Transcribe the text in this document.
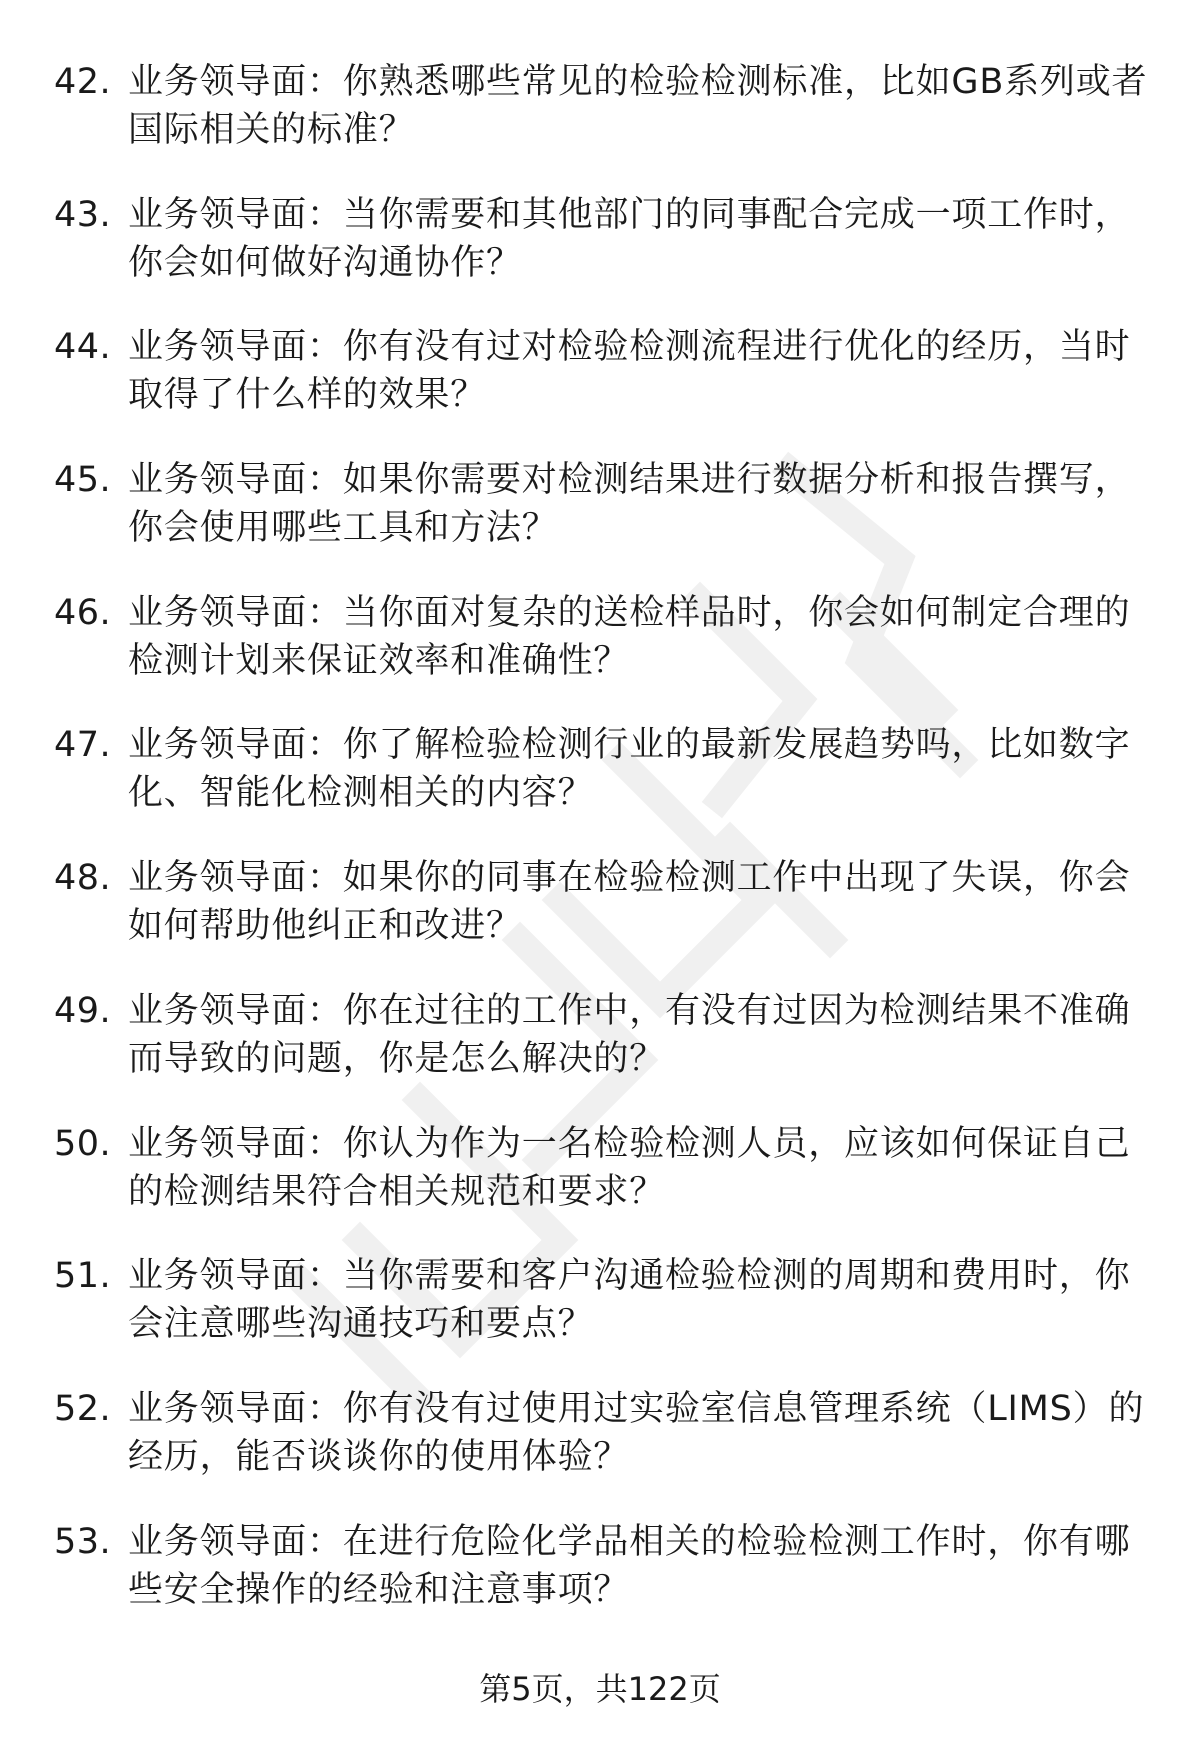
42. 业务领导面：你熟悉哪些常见的检验检测标准，比如GB系列或者国际相关的标准？
43. 业务领导面：当你需要和其他部门的同事配合完成一项工作时，你会如何做好沟通协作？
44. 业务领导面：你有没有过对检验检测流程进行优化的经历，当时取得了什么样的效果？
45. 业务领导面：如果你需要对检测结果进行数据分析和报告撰写，你会使用哪些工具和方法？
46. 业务领导面：当你面对复杂的送检样品时，你会如何制定合理的检测计划来保证效率和准确性？
47. 业务领导面：你了解检验检测行业的最新发展趋势吗，比如数字化、智能化检测相关的内容？
48. 业务领导面：如果你的同事在检验检测工作中出现了失误，你会如何帮助他纠正和改进？
49. 业务领导面：你在过往的工作中，有没有过因为检测结果不准确而导致的问题，你是怎么解决的？
50. 业务领导面：你认为作为一名检验检测人员，应该如何保证自己的检测结果符合相关规范和要求？
51. 业务领导面：当你需要和客户沟通检验检测的周期和费用时，你会注意哪些沟通技巧和要点？
52. 业务领导面：你有没有过使用过实验室信息管理系统（LIMS）的经历，能否谈谈你的使用体验？
53. 业务领导面：在进行危险化学品相关的检验检测工作时，你有哪些安全操作的经验和注意事项？
第5页，共122页
